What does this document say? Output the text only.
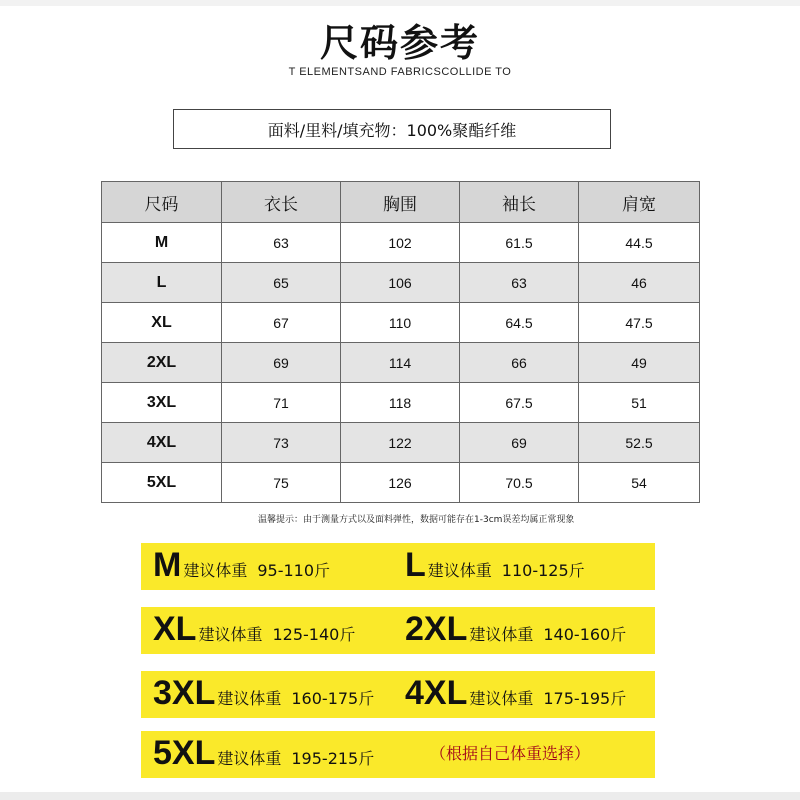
尺码参考
T ELEMENTSAND FABRICSCOLLIDE TO
面料/里料/填充物：100%聚酯纤维
尺码	衣长	胸围	袖长	肩宽
M	63	102	61.5	44.5
L	65	106	63	46
XL	67	110	64.5	47.5
2XL	69	114	66	49
3XL	71	118	67.5	51
4XL	73	122	69	52.5
5XL	75	126	70.5	54
温馨提示：由于测量方式以及面料弹性，数据可能存在1-3cm误差均属正常现象
M 建议体重 95-110斤 L 建议体重 110-125斤
XL 建议体重 125-140斤 2XL 建议体重 140-160斤
3XL 建议体重 160-175斤 4XL 建议体重 175-195斤
5XL 建议体重 195-215斤	（根据自己体重选择）
